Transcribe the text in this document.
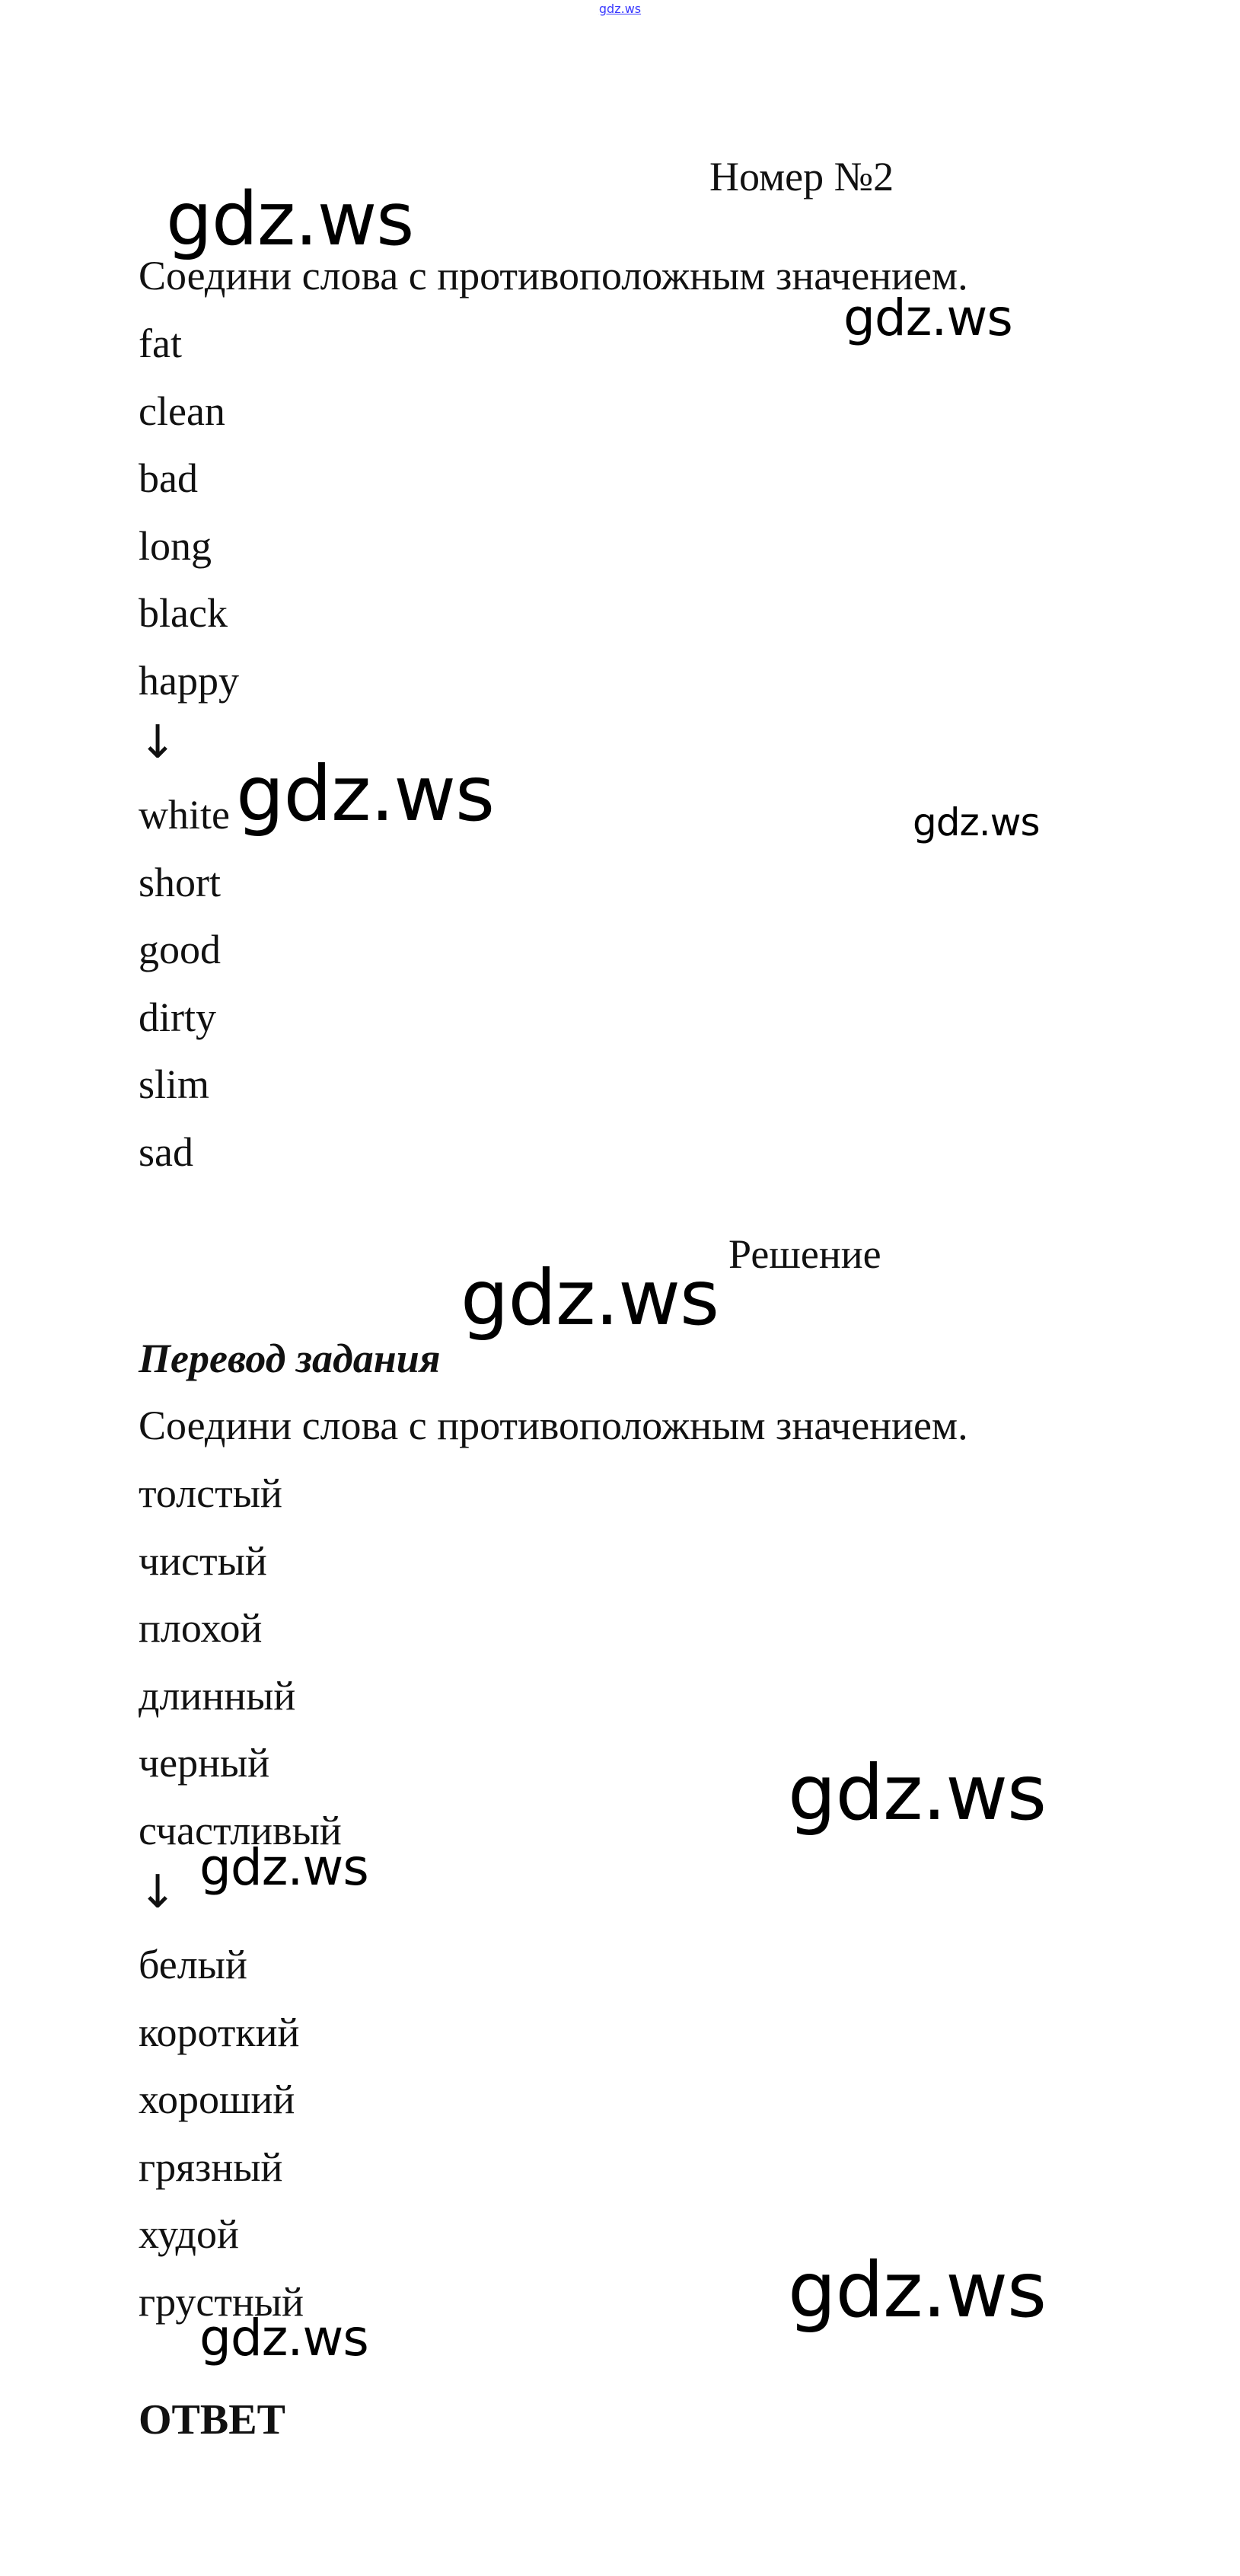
gdz.ws
Номер №2
Соедини слова с противоположным значением.
fat
clean
bad
long
black
happy
↓
white
short
good
dirty
slim
sad
Решение
Перевод задания
Соедини слова с противоположным значением.
толстый
чистый
плохой
длинный
черный
счастливый
↓
белый
короткий
хороший
грязный
худой
грустный
ОТВЕТ
gdz.ws
gdz.ws
gdz.ws	gdz.ws
gdz.ws
gdz.ws
gdz.ws
gdz.ws
gdz.ws
